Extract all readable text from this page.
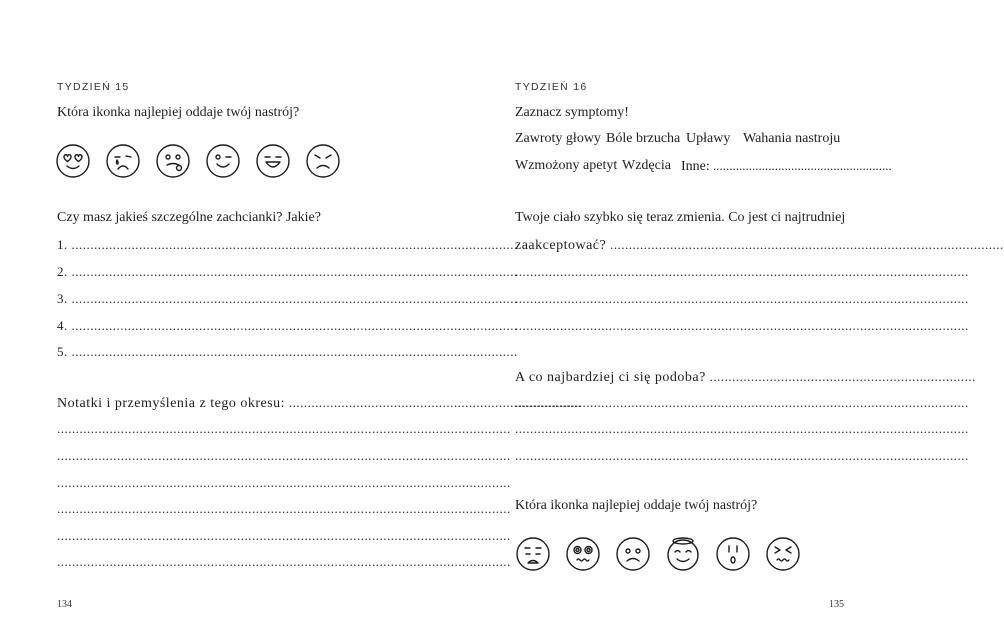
TYDZIEŃ 15
Która ikonka najlepiej oddaje twój nastrój?
Czy masz jakieś szczególne zachcianki? Jakie?
1. .......................................................................................................................
2. .......................................................................................................................
3. .......................................................................................................................
4. .......................................................................................................................
5. .......................................................................................................................
Notatki i przemyślenia z tego okresu: ..............................................................................
.........................................................................................................................
.........................................................................................................................
.........................................................................................................................
.........................................................................................................................
.........................................................................................................................
.........................................................................................................................
134
TYDZIEŃ 16
Zaznacz symptomy!
Zawroty głowy Bóle brzucha Upławy Wahania nastroju
Wzmożony apetyt Wzdęcia Inne: .......................................................
Twoje ciało szybko się teraz zmienia. Co jest ci najtrudniej
zaakceptować? .........................................................................................................
.........................................................................................................................
.........................................................................................................................
.........................................................................................................................
A co najbardziej ci się podoba? .......................................................................
.........................................................................................................................
.........................................................................................................................
.........................................................................................................................
Która ikonka najlepiej oddaje twój nastrój?
135
